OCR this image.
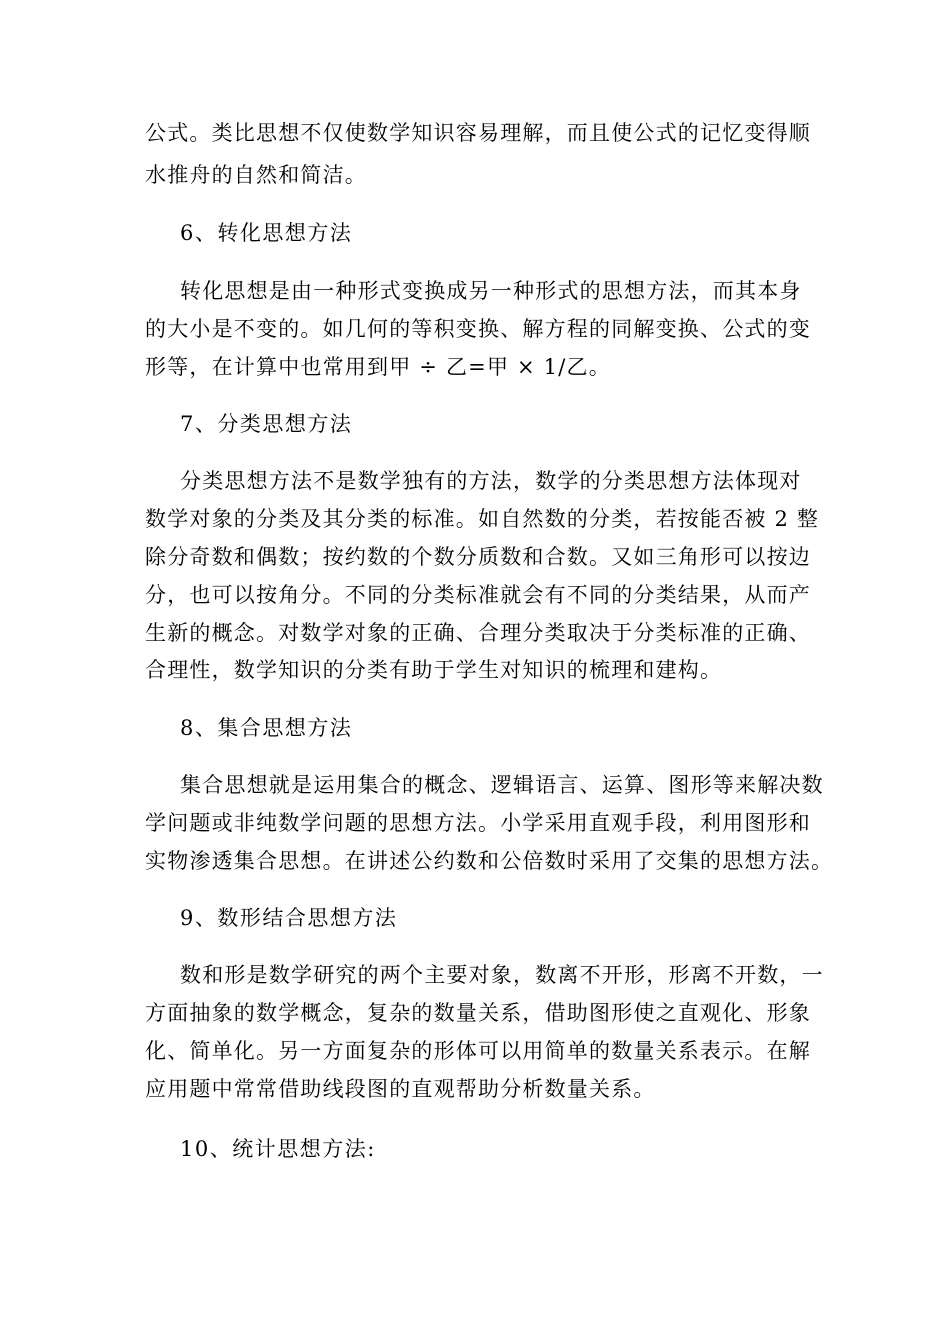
公式。类比思想不仅使数学知识容易理解，而且使公式的记忆变得顺
水推舟的自然和简洁。
6、转化思想方法
转化思想是由一种形式变换成另一种形式的思想方法，而其本身
的大小是不变的。如几何的等积变换、解方程的同解变换、公式的变
形等，在计算中也常用到甲 ÷ 乙=甲 × 1/乙。
7、分类思想方法
分类思想方法不是数学独有的方法，数学的分类思想方法体现对
数学对象的分类及其分类的标准。如自然数的分类，若按能否被 2 整
除分奇数和偶数；按约数的个数分质数和合数。又如三角形可以按边
分，也可以按角分。不同的分类标准就会有不同的分类结果，从而产
生新的概念。对数学对象的正确、合理分类取决于分类标准的正确、
合理性，数学知识的分类有助于学生对知识的梳理和建构。
8、集合思想方法
集合思想就是运用集合的概念、逻辑语言、运算、图形等来解决数
学问题或非纯数学问题的思想方法。小学采用直观手段，利用图形和
实物渗透集合思想。在讲述公约数和公倍数时采用了交集的思想方法。
9、数形结合思想方法
数和形是数学研究的两个主要对象，数离不开形，形离不开数，一
方面抽象的数学概念，复杂的数量关系，借助图形使之直观化、形象
化、简单化。另一方面复杂的形体可以用简单的数量关系表示。在解
应用题中常常借助线段图的直观帮助分析数量关系。
10、统计思想方法:
